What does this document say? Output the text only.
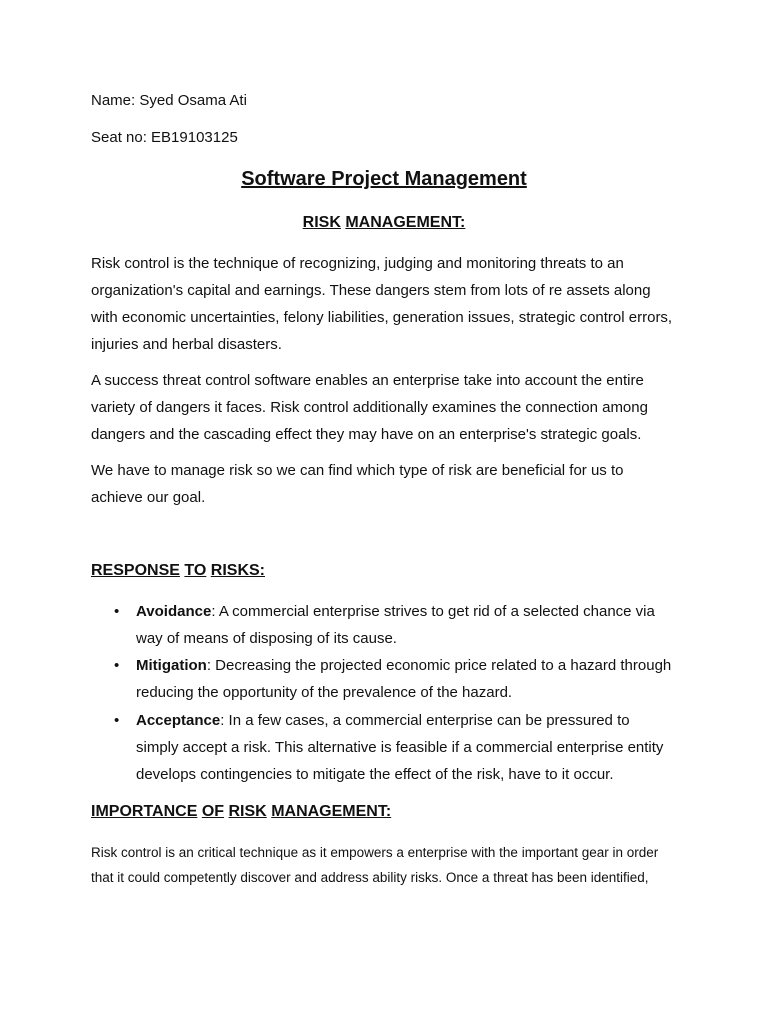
Name: Syed Osama Ati
Seat no: EB19103125
Software Project Management
RISK MANAGEMENT:
Risk control is the technique of recognizing, judging and monitoring threats to an
organization's capital and earnings. These dangers stem from lots of re assets along
with economic uncertainties, felony liabilities, generation issues, strategic control errors,
injuries and herbal disasters.
A success threat control software enables an enterprise take into account the entire
variety of dangers it faces. Risk control additionally examines the connection among
dangers and the cascading effect they may have on an enterprise's strategic goals.
We have to manage risk so we can find which type of risk are beneficial for us to
achieve our goal.
RESPONSE TO RISKS:
• Avoidance: A commercial enterprise strives to get rid of a selected chance via
way of means of disposing of its cause.
• Mitigation: Decreasing the projected economic price related to a hazard through
reducing the opportunity of the prevalence of the hazard.
• Acceptance: In a few cases, a commercial enterprise can be pressured to
simply accept a risk. This alternative is feasible if a commercial enterprise entity
develops contingencies to mitigate the effect of the risk, have to it occur.
IMPORTANCE OF RISK MANAGEMENT:
Risk control is an critical technique as it empowers a enterprise with the important gear in order
that it could competently discover and address ability risks. Once a threat has been identified,
